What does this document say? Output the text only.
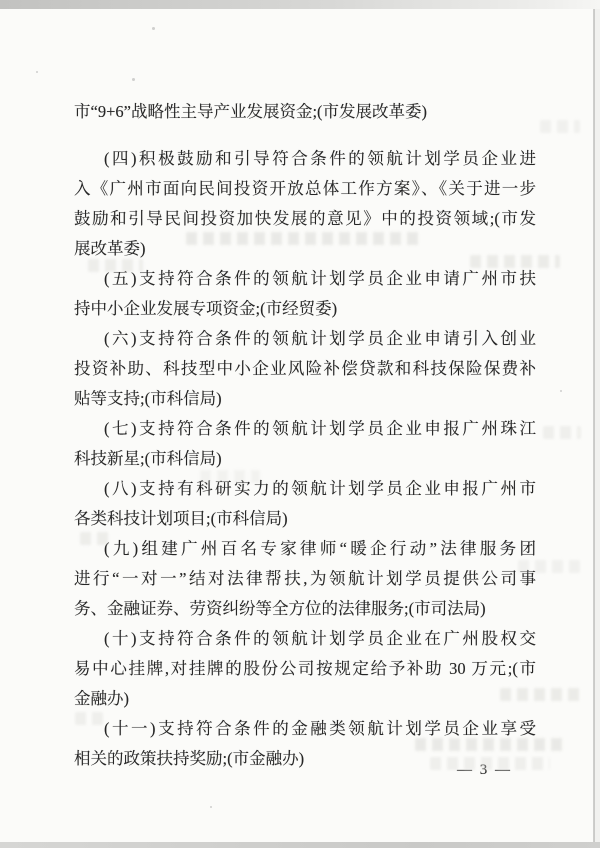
市“9+6”战略性主导产业发展资金;(市发展改革委)
(四)积极鼓励和引导符合条件的领航计划学员企业进
入《广州市面向民间投资开放总体工作方案》、《关于进一步
鼓励和引导民间投资加快发展的意见》中的投资领域;(市发
展改革委)
(五)支持符合条件的领航计划学员企业申请广州市扶
持中小企业发展专项资金;(市经贸委)
(六)支持符合条件的领航计划学员企业申请引入创业
投资补助、科技型中小企业风险补偿贷款和科技保险保费补
贴等支持;(市科信局)
(七)支持符合条件的领航计划学员企业申报广州珠江
科技新星;(市科信局)
(八)支持有科研实力的领航计划学员企业申报广州市
各类科技计划项目;(市科信局)
(九)组建广州百名专家律师“暖企行动”法律服务团
进行“一对一”结对法律帮扶,为领航计划学员提供公司事
务、金融证券、劳资纠纷等全方位的法律服务;(市司法局)
(十)支持符合条件的领航计划学员企业在广州股权交
易中心挂牌,对挂牌的股份公司按规定给予补助 30 万元;(市
金融办)
(十一)支持符合条件的金融类领航计划学员企业享受
相关的政策扶持奖励;(市金融办)
— 3 —
